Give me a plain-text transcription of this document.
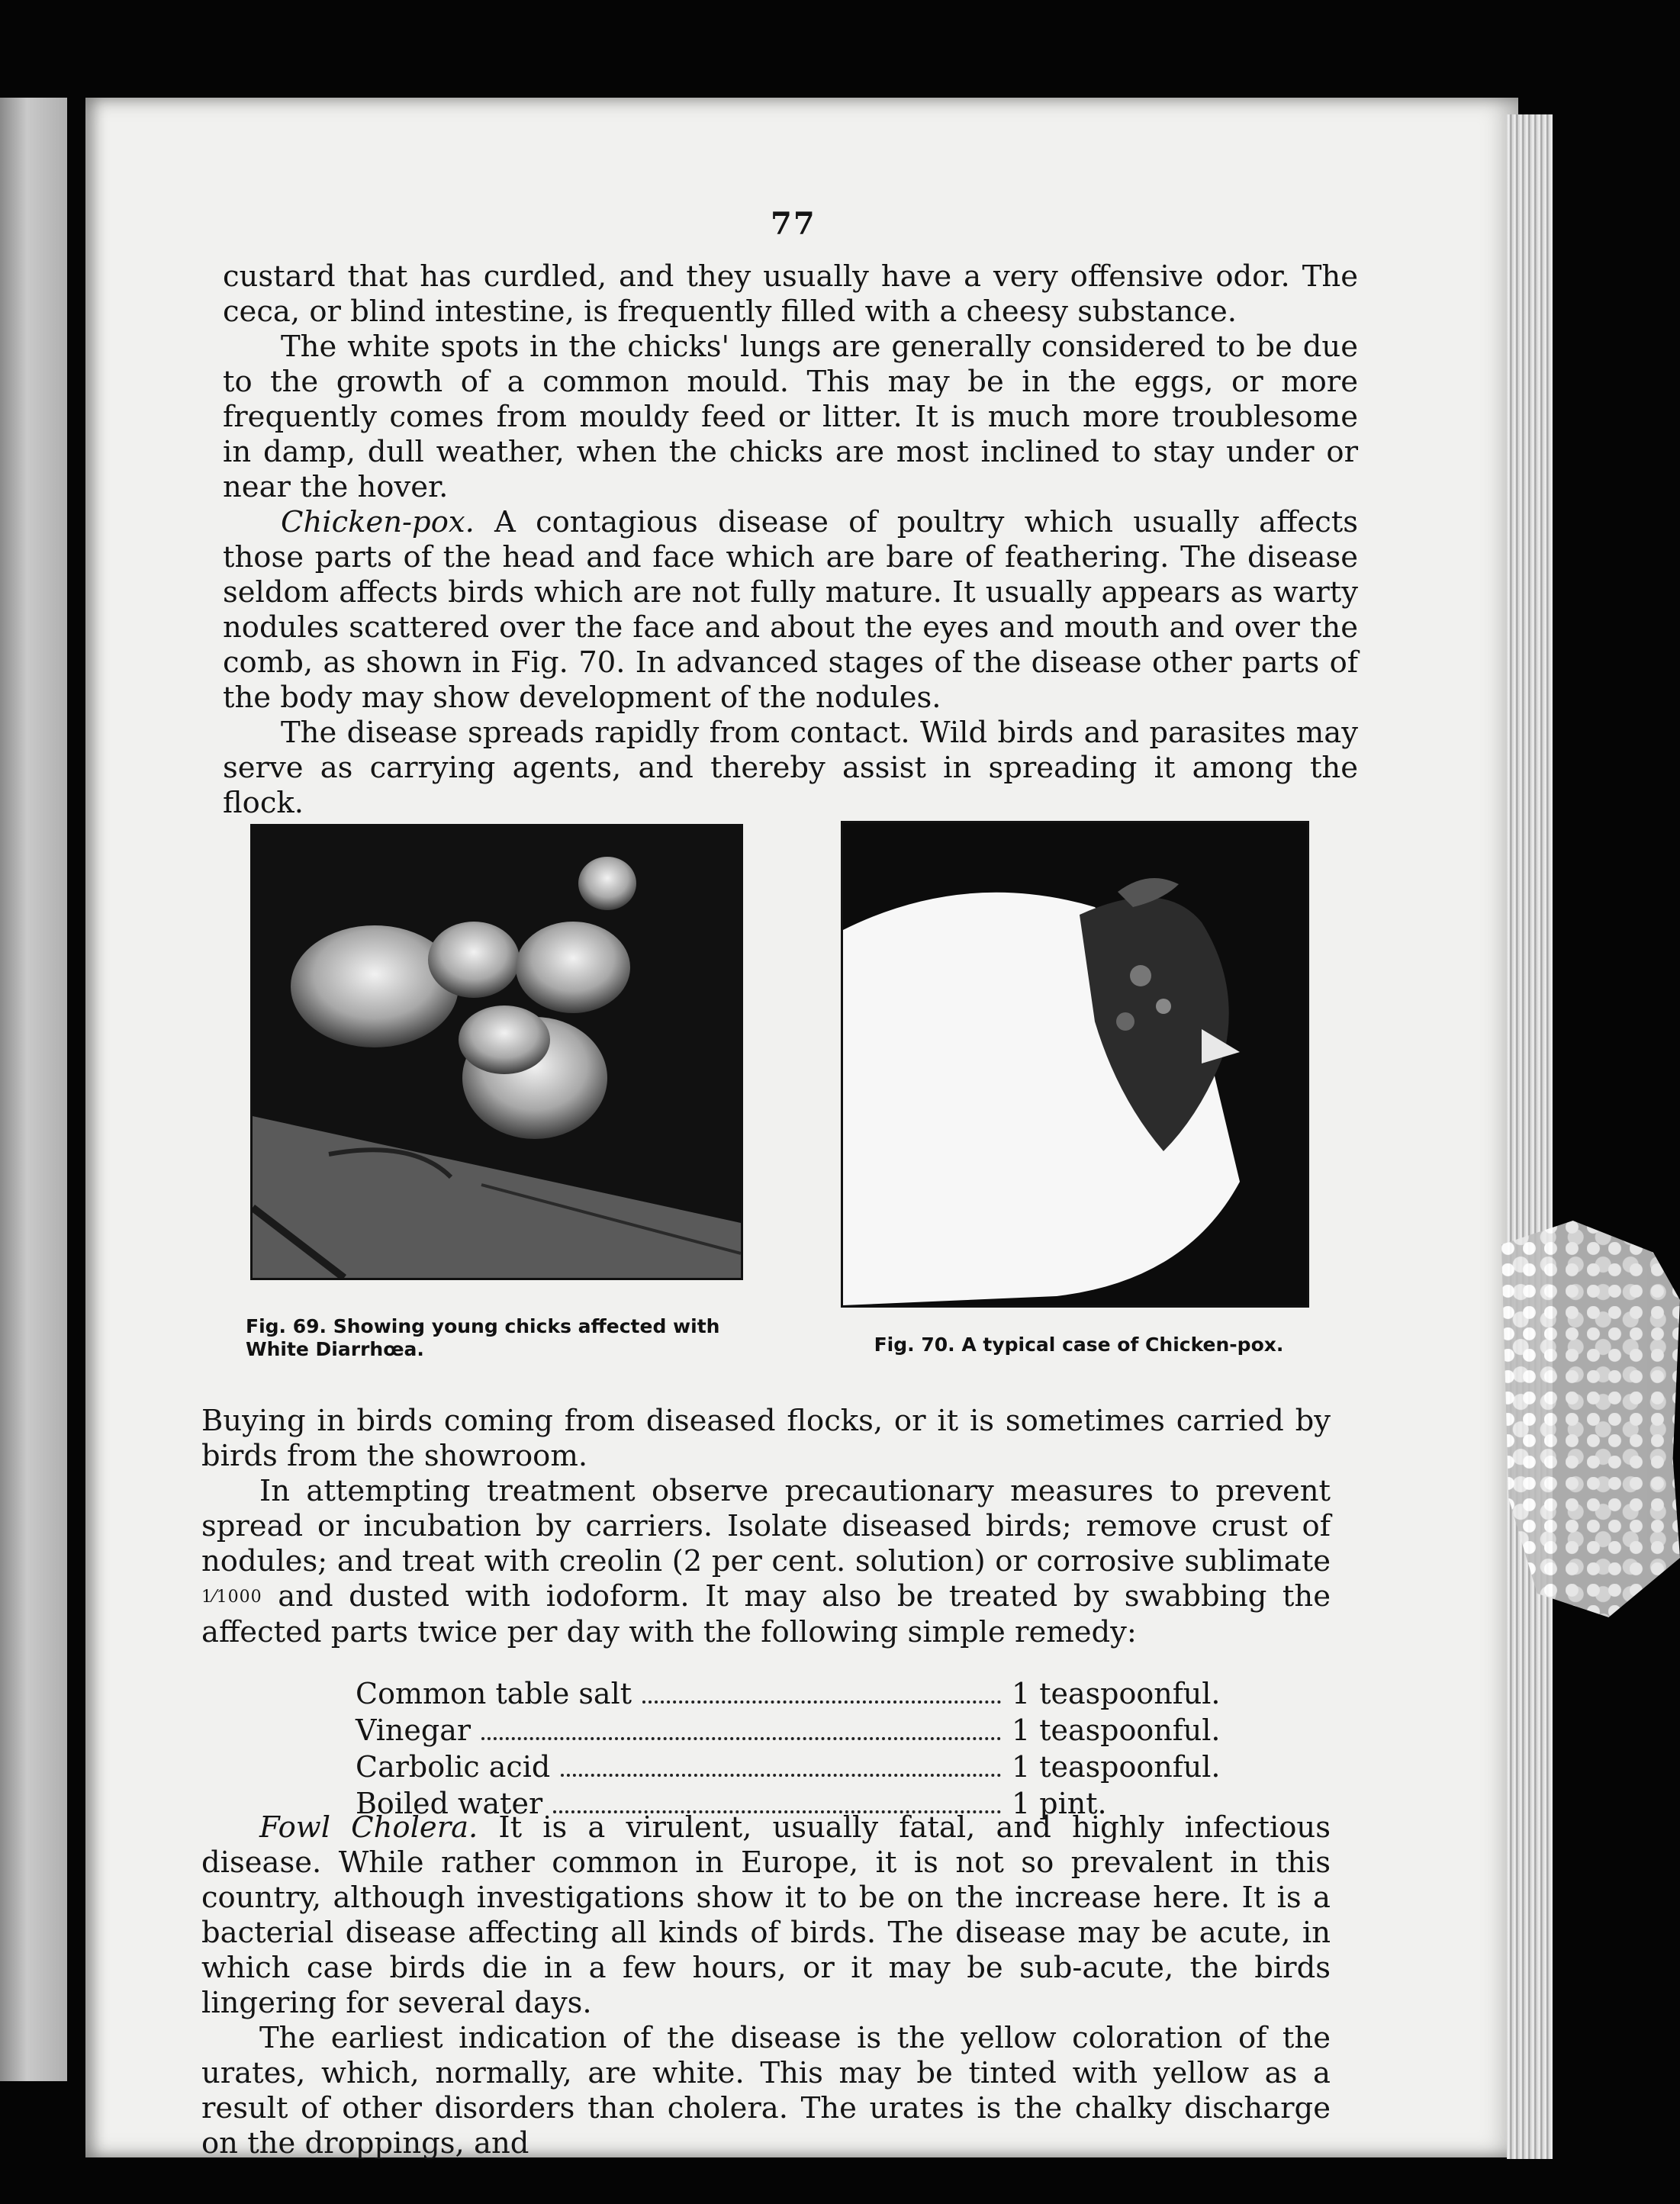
77

custard that has curdled, and they usually have a very offensive odor. The ceca, or blind intestine, is frequently filled with a cheesy substance.

The white spots in the chicks' lungs are generally considered to be due to the growth of a common mould. This may be in the eggs, or more frequently comes from mouldy feed or litter. It is much more troublesome in damp, dull weather, when the chicks are most inclined to stay under or near the hover.

Chicken-pox. A contagious disease of poultry which usually affects those parts of the head and face which are bare of feathering. The disease seldom affects birds which are not fully mature. It usually appears as warty nodules scattered over the face and about the eyes and mouth and over the comb, as shown in Fig. 70. In advanced stages of the disease other parts of the body may show development of the nodules.

The disease spreads rapidly from contact. Wild birds and parasites may serve as carrying agents, and thereby assist in spreading it among the flock.

Fig. 69. Showing young chicks affected with White Diarrhœa.	Fig. 70. A typical case of Chicken-pox.

Buying in birds coming from diseased flocks, or it is sometimes carried by birds from the showroom.

In attempting treatment observe precautionary measures to prevent spread or incubation by carriers. Isolate diseased birds; remove crust of nodules; and treat with creolin (2 per cent. solution) or corrosive sublimate 1⁄1000 and dusted with iodoform. It may also be treated by swabbing the affected parts twice per day with the following simple remedy:

Fowl Cholera. It is a virulent, usually fatal, and highly infectious disease. While rather common in Europe, it is not so prevalent in this country, although investigations show it to be on the increase here. It is a bacterial disease affecting all kinds of birds. The disease may be acute, in which case birds die in a few hours, or it may be sub-acute, the birds lingering for several days.

The earliest indication of the disease is the yellow coloration of the urates, which, normally, are white. This may be tinted with yellow as a result of other disorders than cholera. The urates is the chalky discharge on the droppings, and

Common table salt	1 teaspoonful.
Vinegar	1 teaspoonful.
Carbolic acid	1 teaspoonful.
Boiled water	1 pint.
